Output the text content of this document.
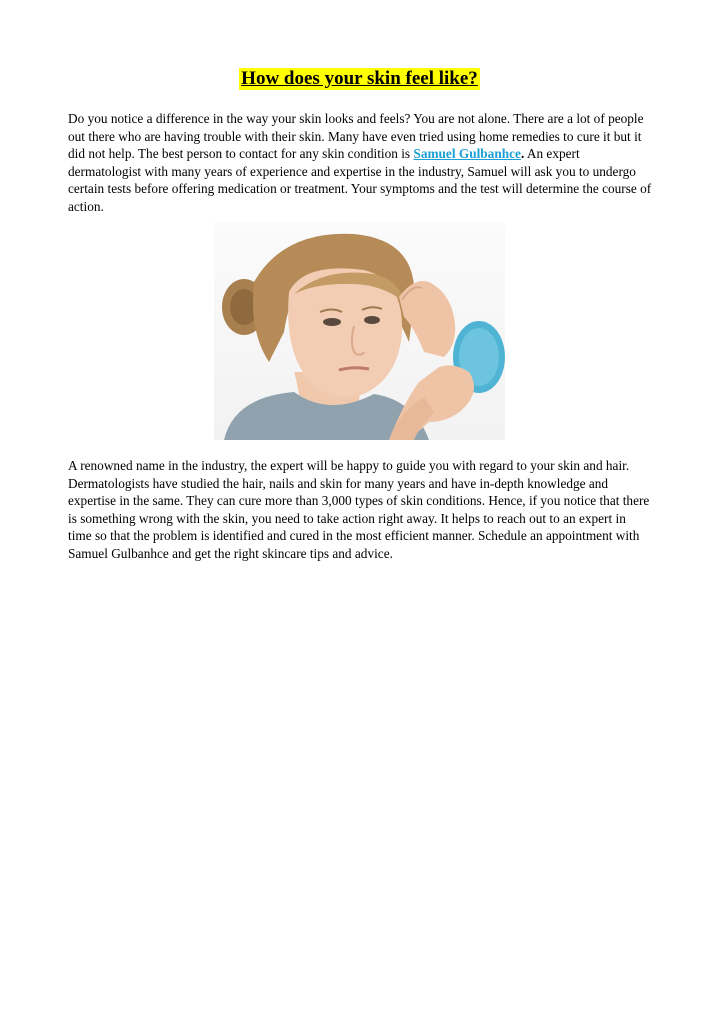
How does your skin feel like?

Do you notice a difference in the way your skin looks and feels? You are not alone. There are a lot of people out there who are having trouble with their skin. Many have even tried using home remedies to cure it but it did not help. The best person to contact for any skin condition is Samuel Gulbanhce. An expert dermatologist with many years of experience and expertise in the industry, Samuel will ask you to undergo certain tests before offering medication or treatment. Your symptoms and the test will determine the course of action.

A renowned name in the industry, the expert will be happy to guide you with regard to your skin and hair. Dermatologists have studied the hair, nails and skin for many years and have in-depth knowledge and expertise in the same. They can cure more than 3,000 types of skin conditions. Hence, if you notice that there is something wrong with the skin, you need to take action right away. It helps to reach out to an expert in time so that the problem is identified and cured in the most efficient manner. Schedule an appointment with Samuel Gulbanhce and get the right skincare tips and advice.
